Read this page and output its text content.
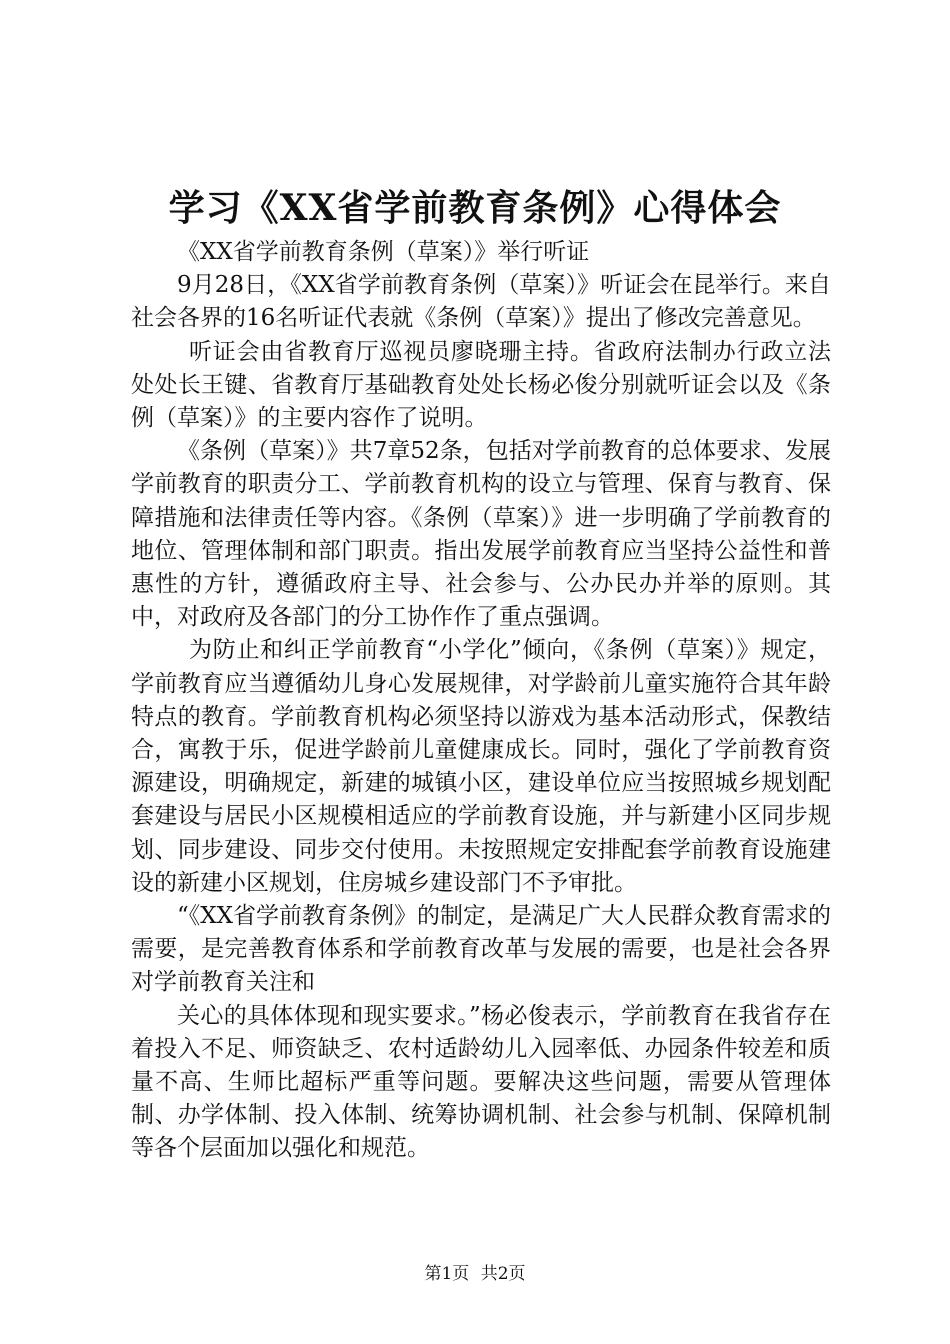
学习《XX省学前教育条例》心得体会

《XX省学前教育条例（草案）》举行听证

9月28日，《XX省学前教育条例（草案）》听证会在昆举行。来自社会各界的16名听证代表就《条例（草案）》提出了修改完善意见。

听证会由省教育厅巡视员廖晓珊主持。省政府法制办行政立法处处长王键、省教育厅基础教育处处长杨必俊分别就听证会以及《条例（草案）》的主要内容作了说明。

《条例（草案）》共7章52条，包括对学前教育的总体要求、发展学前教育的职责分工、学前教育机构的设立与管理、保育与教育、保障措施和法律责任等内容。《条例（草案）》进一步明确了学前教育的地位、管理体制和部门职责。指出发展学前教育应当坚持公益性和普惠性的方针，遵循政府主导、社会参与、公办民办并举的原则。其中，对政府及各部门的分工协作作了重点强调。

为防止和纠正学前教育“小学化”倾向，《条例（草案）》规定，学前教育应当遵循幼儿身心发展规律，对学龄前儿童实施符合其年龄特点的教育。学前教育机构必须坚持以游戏为基本活动形式，保教结合，寓教于乐，促进学龄前儿童健康成长。同时，强化了学前教育资源建设，明确规定，新建的城镇小区，建设单位应当按照城乡规划配套建设与居民小区规模相适应的学前教育设施，并与新建小区同步规划、同步建设、同步交付使用。未按照规定安排配套学前教育设施建设的新建小区规划，住房城乡建设部门不予审批。

“《XX省学前教育条例》的制定，是满足广大人民群众教育需求的需要，是完善教育体系和学前教育改革与发展的需要，也是社会各界对学前教育关注和

关心的具体体现和现实要求。”杨必俊表示，学前教育在我省存在着投入不足、师资缺乏、农村适龄幼儿入园率低、办园条件较差和质量不高、生师比超标严重等问题。要解决这些问题，需要从管理体制、办学体制、投入体制、统筹协调机制、社会参与机制、保障机制等各个层面加以强化和规范。

第1页 共2页
